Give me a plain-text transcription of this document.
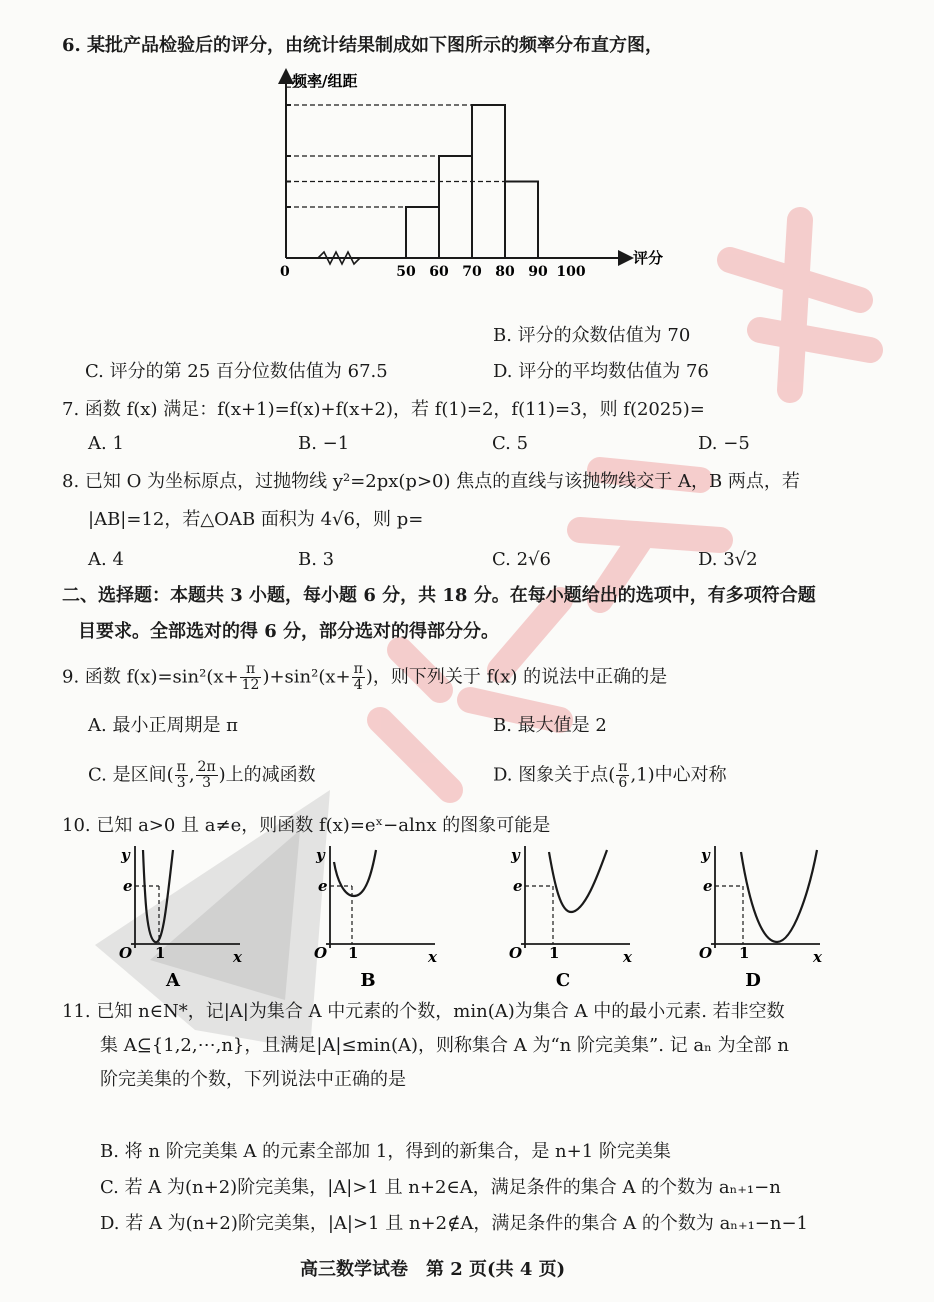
6. 某批产品检验后的评分，由统计结果制成如下图所示的频率分布直方图，
50 60 70 80 90 100
频率/组距
评分
0
B. 评分的众数估值为 70
C. 评分的第 25 百分位数估值为 67.5	D. 评分的平均数估值为 76
7. 函数 f(x) 满足：f(x+1)=f(x)+f(x+2)，若 f(1)=2，f(11)=3，则 f(2025)=
A. 1	B. −1	C. 5	D. −5
8. 已知 O 为坐标原点，过抛物线 y²=2px(p>0) 焦点的直线与该抛物线交于 A，B 两点，若
|AB|=12，若△OAB 面积为 4√6，则 p=
A. 4	B. 3	C. 2√6	D. 3√2
二、选择题：本题共 3 小题，每小题 6 分，共 18 分。在每小题给出的选项中，有多项符合题
目要求。全部选对的得 6 分，部分选对的得部分分。
9. 函数 $f(x)=\sin^2(x+ \frac{\pi}{12} )+\sin^2(x+ \frac{\pi}{4}$ )，则下列关于 f(x) 的说法中正确的是
A. 最小正周期是 π	B. 最大值是 2
C. 是区间( $\frac{\pi}{3}$ , $\frac{2\pi}{3}$ )上的减函数	D. 图象关于点( $\frac{\pi}{6} ,1$)中心对称
10. 已知 a>0 且 a≠e，则函数 f(x)=eˣ−alnx 的图象可能是
y
x
O
e
1
A
y
x
O
e
1
B
y
x
O
e
1
C
y
x
O
e
1
D
11. 已知 n∈N*，记|A|为集合 A 中元素的个数，min(A)为集合 A 中的最小元素. 若非空数
集 A⊆{1,2,⋯,n}，且满足|A|≤min(A)，则称集合 A 为“n 阶完美集”. 记 aₙ 为全部 n
阶完美集的个数，下列说法中正确的是
B. 将 n 阶完美集 A 的元素全部加 1，得到的新集合，是 n+1 阶完美集
C. 若 A 为(n+2)阶完美集，|A|>1 且 n+2∈A，满足条件的集合 A 的个数为 aₙ₊₁−n
D. 若 A 为(n+2)阶完美集，|A|>1 且 n+2∉A，满足条件的集合 A 的个数为 aₙ₊₁−n−1
高三数学试卷　第 2 页(共 4 页)
